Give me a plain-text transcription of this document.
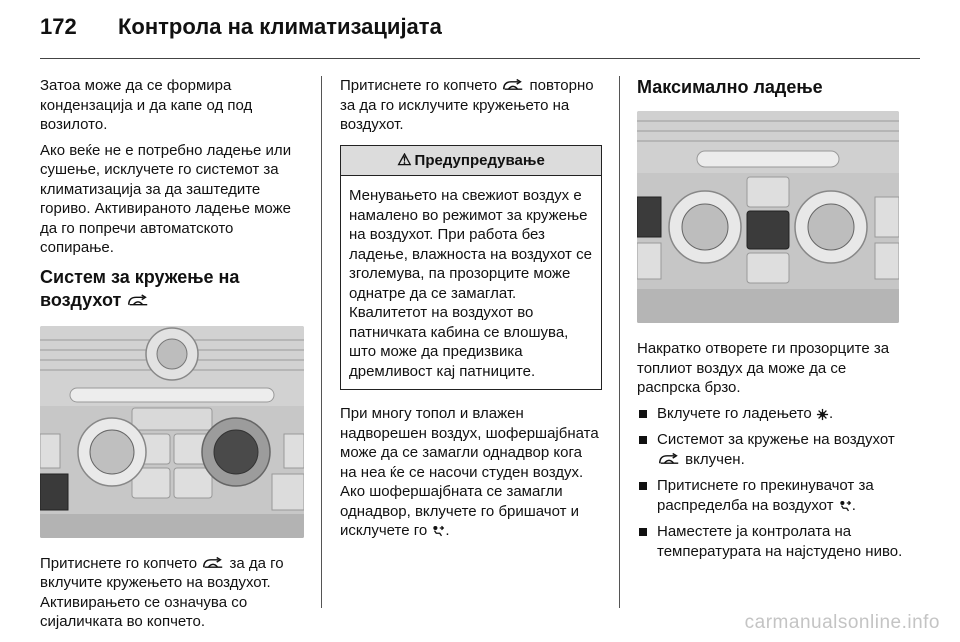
172 Контрола на климатизацијата

Затоа може да се формира кондензација и да капе од под возилото.

Ако веќе не е потребно ладење или сушење, исклучете го системот за климатизација за да заштедите гориво. Активираното ладење може да го попречи автоматското сопирање.

Систем за кружење на воздухот

Притиснете го копчето за да го вклучите кружењето на воздухот. Активирањето се означува со сијаличката во копчето.

Притиснете го копчето повторно за да го исклучите кружењето на воздухот.

⚠ Предупредување
Менувањето на свежиот воздух е намалено во режимот за кружење на воздухот. При работа без ладење, влажноста на воздухот се зголемува, па прозорците може однатре да се замаглат. Квалитетот на воздухот во патничката кабина се влошува, што може да предизвика дремливост кај патниците.

При многу топол и влажен надворешен воздух, шофершајбната може да се замагли однадвор кога на неа ќе се насочи студен воздух. Ако шофершајбната се замагли однадвор, вклучете го бришачот и исклучете го .

Максимално ладење

Накратко отворете ги прозорците за топлиот воздух да може да се распрска брзо.

Вклучете го ладењето .
Системот за кружење на воздухот  вклучен.
Притиснете го прекинувачот за распределба на воздухот .
Наместете ја контролата на температурата на најстудено ниво.
carmanualsonline.info
